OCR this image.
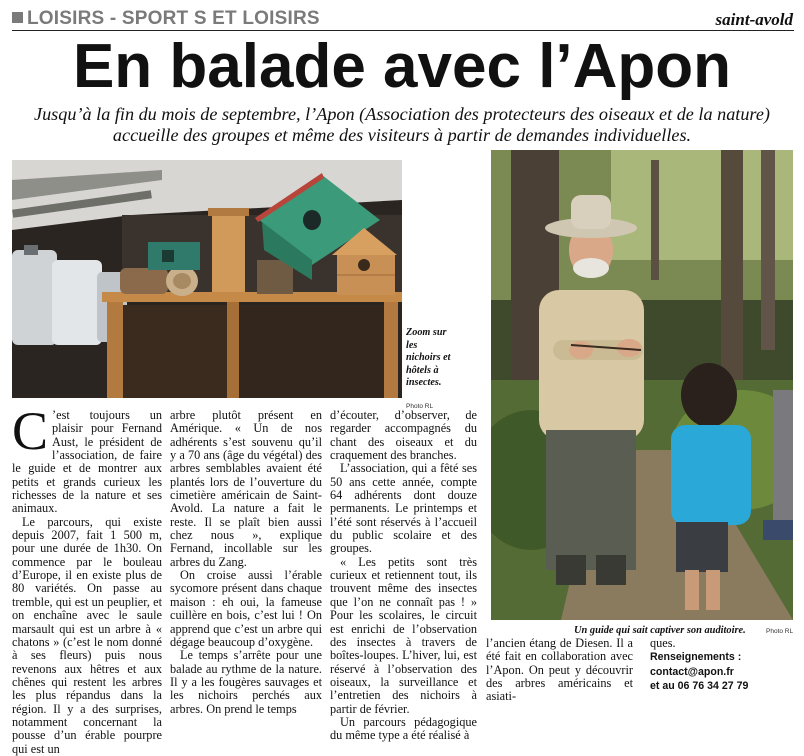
LOISIRS - SPORT S ET LOISIRS	saint-avold
En balade avec l’Apon
Jusqu’à la fin du mois de septembre, l’Apon (Association des protecteurs des oiseaux et de la nature) accueille des groupes et même des visiteurs à partir de demandes individuelles.
Zoom sur les nichoirs et hôtels à insectes.
Photo RL
Un guide qui sait captiver son auditoire.	Photo RL

C ’est toujours un plaisir pour Fernand Aust, le président de l’association, de faire le guide et de montrer aux petits et grands curieux les richesses de la nature et ses animaux.

Le parcours, qui existe depuis 2007, fait 1 500 m, pour une durée de 1h30. On commence par le bouleau d’Europe, il en existe plus de 80 variétés. On passe au tremble, qui est un peuplier, et on enchaîne avec le saule marsault qui est un arbre à « chatons » (c’est le nom donné à ses fleurs) puis nous revenons aux hêtres et aux chênes qui restent les arbres les plus répandus dans la région. Il y a des surprises, notamment concernant la pousse d’un érable pourpre qui est un

arbre plutôt présent en Amérique. « Un de nos adhérents s’est souvenu qu’il y a 70 ans (âge du végétal) des arbres semblables avaient été plantés lors de l’ouverture du cimetière américain de Saint-Avold. La nature a fait le reste. Il se plaît bien aussi chez nous », explique Fernand, incollable sur les arbres du Zang.

On croise aussi l’érable sycomore présent dans chaque maison : eh oui, la fameuse cuillère en bois, c’est lui ! On apprend que c’est un arbre qui dégage beaucoup d’oxygène.

Le temps s’arrête pour une balade au rythme de la nature. Il y a les fougères sauvages et les nichoirs perchés aux arbres. On prend le temps

d’écouter, d’observer, de regarder accompagnés du chant des oiseaux et du craquement des branches.

L’association, qui a fêté ses 50 ans cette année, compte 64 adhérents dont douze permanents. Le printemps et l’été sont réservés à l’accueil du public scolaire et des groupes.

« Les petits sont très curieux et retiennent tout, ils trouvent même des insectes que l’on ne connaît pas ! » Pour les scolaires, le circuit est enrichi de l’observation des insectes à travers de boîtes-loupes. L’hiver, lui, est réservé à l’observation des oiseaux, la surveillance et l’entretien des nichoirs à partir de février.

Un parcours pédagogique du même type a été réalisé à

l’ancien étang de Diesen. Il a été fait en collaboration avec l’Apon. On peut y découvrir des arbres américains et asiati-

ques.

Renseignements :
contact@apon.fr
et au 06 76 34 27 79
